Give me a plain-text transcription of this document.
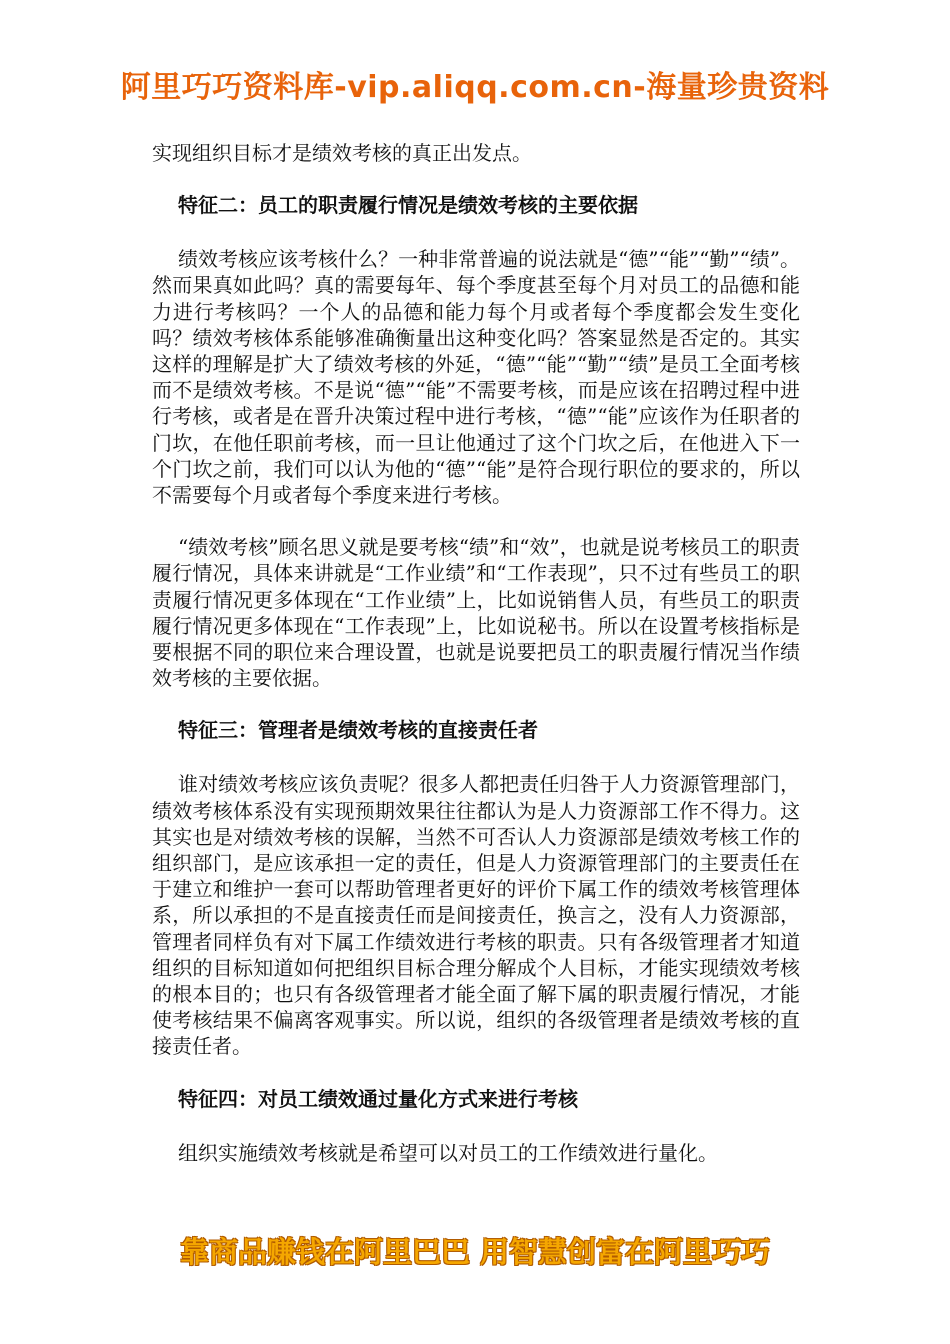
阿里巧巧资料库-vip.aliqq.com.cn-海量珍贵资料

实现组织目标才是绩效考核的真正出发点。

特征二：员工的职责履行情况是绩效考核的主要依据

绩效考核应该考核什么？一种非常普遍的说法就是“德”“能”“勤”“绩”。然而果真如此吗？真的需要每年、每个季度甚至每个月对员工的品德和能力进行考核吗？一个人的品德和能力每个月或者每个季度都会发生变化吗？绩效考核体系能够准确衡量出这种变化吗？答案显然是否定的。其实这样的理解是扩大了绩效考核的外延，“德”“能”“勤”“绩”是员工全面考核而不是绩效考核。不是说“德”“能”不需要考核，而是应该在招聘过程中进行考核，或者是在晋升决策过程中进行考核，“德”“能”应该作为任职者的门坎，在他任职前考核，而一旦让他通过了这个门坎之后，在他进入下一个门坎之前，我们可以认为他的“德”“能”是符合现行职位的要求的，所以不需要每个月或者每个季度来进行考核。

“绩效考核”顾名思义就是要考核“绩”和“效”，也就是说考核员工的职责履行情况，具体来讲就是“工作业绩”和“工作表现”，只不过有些员工的职责履行情况更多体现在“工作业绩”上，比如说销售人员，有些员工的职责履行情况更多体现在“工作表现”上，比如说秘书。所以在设置考核指标是要根据不同的职位来合理设置，也就是说要把员工的职责履行情况当作绩效考核的主要依据。

特征三：管理者是绩效考核的直接责任者

谁对绩效考核应该负责呢？很多人都把责任归咎于人力资源管理部门，绩效考核体系没有实现预期效果往往都认为是人力资源部工作不得力。这其实也是对绩效考核的误解，当然不可否认人力资源部是绩效考核工作的组织部门，是应该承担一定的责任，但是人力资源管理部门的主要责任在于建立和维护一套可以帮助管理者更好的评价下属工作的绩效考核管理体系，所以承担的不是直接责任而是间接责任，换言之，没有人力资源部，管理者同样负有对下属工作绩效进行考核的职责。只有各级管理者才知道组织的目标知道如何把组织目标合理分解成个人目标，才能实现绩效考核的根本目的；也只有各级管理者才能全面了解下属的职责履行情况，才能使考核结果不偏离客观事实。所以说，组织的各级管理者是绩效考核的直接责任者。

特征四：对员工绩效通过量化方式来进行考核

组织实施绩效考核就是希望可以对员工的工作绩效进行量化。

靠商品赚钱在阿里巴巴 用智慧创富在阿里巧巧
